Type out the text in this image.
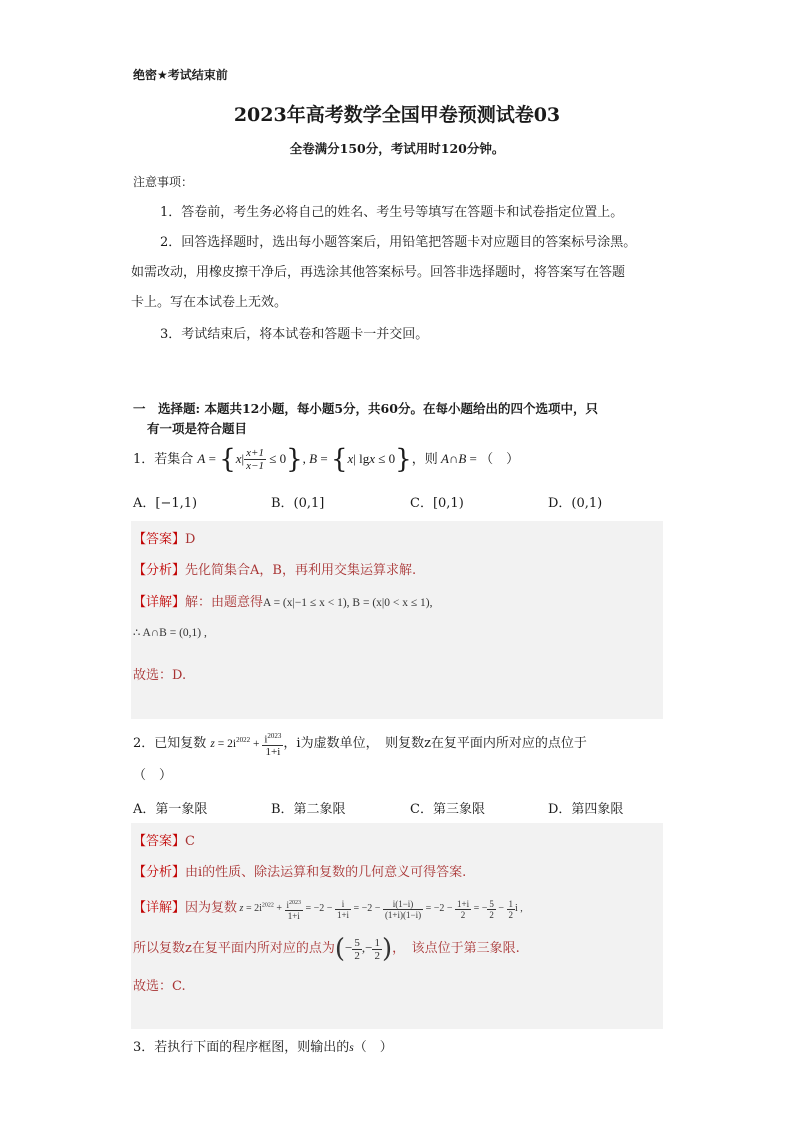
绝密★考试结束前
2023年高考数学全国甲卷预测试卷03
全卷满分150分，考试用时120分钟。
注意事项：
1．答卷前，考生务必将自己的姓名、考生号等填写在答题卡和试卷指定位置上。
2．回答选择题时，选出每小题答案后，用铅笔把答题卡对应题目的答案标号涂黑。
如需改动，用橡皮擦干净后，再选涂其他答案标号。回答非选择题时，将答案写在答题
卡上。写在本试卷上无效。
3．考试结束后，将本试卷和答题卡一并交回。
一　选择题: 本题共12小题，每小题5分，共60分。在每小题给出的四个选项中，只
有一项是符合题目
1．若集合 $A = \{x| \frac{x+1}{x-1} \le 0\}$, B = {x| lgx ≤ 0}，则 A∩B = （　）
A．[−1,1)	B．(0,1]	C．[0,1)	D．(0,1)
【答案】D
【分析】先化简集合A，B，再利用交集运算求解.
【详解】解：由题意得A = (x|−1 ≤ x < 1), B = (x|0 < x ≤ 1),
∴ A∩B = (0,1) ,
故选：D.
2．已知复数 $z = 2i^{2022} + \frac{i^{2023}}{1+i}$ ，i为虚数单位，　则复数z在复平面内所对应的点位于
（　）
A．第一象限	B．第二象限	C．第三象限	D．第四象限
【答案】C
【分析】由i的性质、除法运算和复数的几何意义可得答案.
【详解】因为复数 $z = 2i^{2022} + \frac{i^{2023}}{1+i} = -2 - \frac{i}{1+i} = -2 - \frac{i(1-i)}{(1+i)(1-i)} = -2 - \frac{1+i}{2}$ = − $\frac{5}{2} - \frac{1}{2}$ i ,
所以复数z在复平面内所对应的点为(− $\frac{5}{2}$ ,− $\frac{1}{2}$ )，　该点位于第三象限.
故选：C.
3．若执行下面的程序框图，则输出的s（　）
